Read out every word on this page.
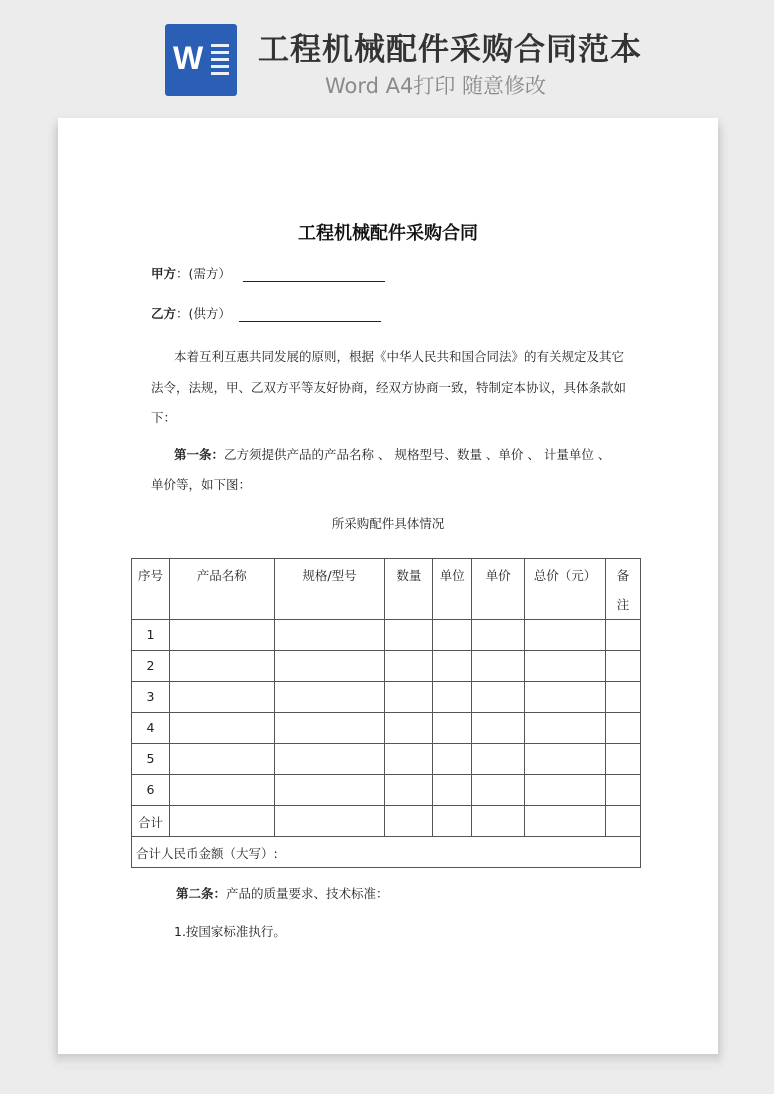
W 工程机械配件采购合同范本
Word A4打印 随意修改
工程机械配件采购合同
甲方：(需方）
乙方：(供方）
本着互利互惠共同发展的原则，根据《中华人民共和国合同法》的有关规定及其它
法令，法规，甲、乙双方平等友好协商，经双方协商一致，特制定本协议，具体条款如
下：
第一条：乙方须提供产品的产品名称 、 规格型号、数量 、单价 、 计量单位 、
单价等，如下图：
所采购配件具体情况
序号	产品名称	规格/型号	数量	单位	单价	总价（元）	备注
1							
2							
3							
4							
5							
6							
合计							
合计人民币金额（大写）:							
第二条：产品的质量要求、技术标准：
1.按国家标准执行。
